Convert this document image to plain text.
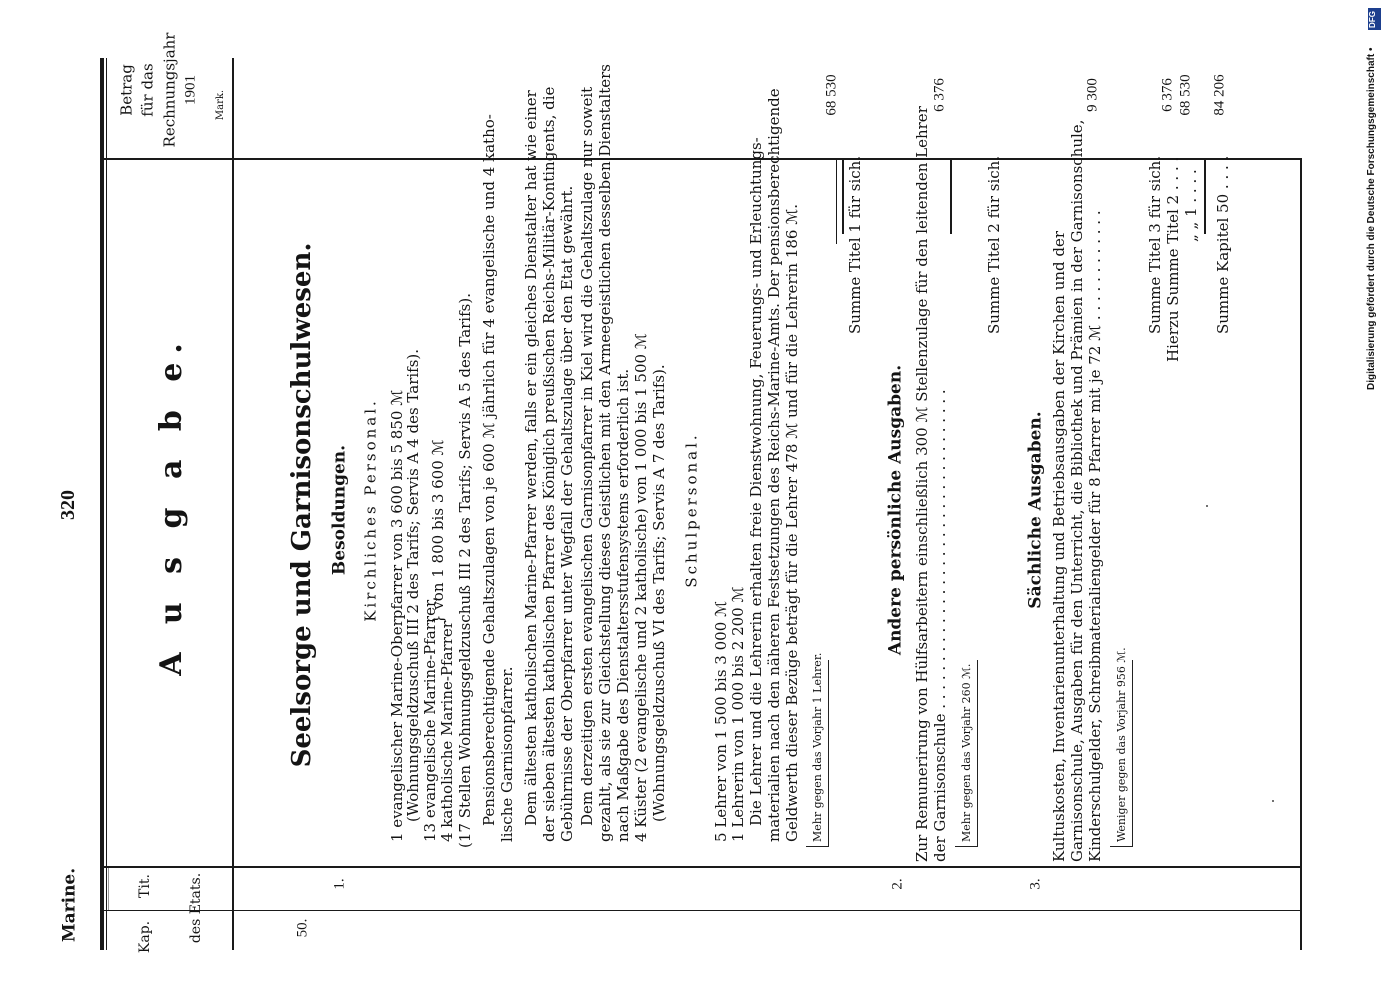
Marine.
320
Kap.
Tit.	des Etats.
Betrag für das Rechnungsjahr 1901 Mark.
A u s g a b e.
50.
Seelsorge und Garnisonschulwesen.
1.
Besoldungen. Kirchliches Personal. 1 evangelischer Marine-Oberpfarrer von 3 600 bis 5 850 ℳ
(Wohnungsgeldzuschuß III 2 des Tarifs; Servis A 4 des Tarifs). 13 evangelische Marine-Pfarrer, 4 katholische Marine-Pfarrer
} von 1 800 bis 3 600 ℳ (17 Stellen Wohnungsgeldzuschuß III 2 des Tarifs; Servis A 5 des Tarifs). Pensionsberechtigende Gehaltszulagen von je 600 ℳ jährlich für 4 evangelische und 4 katho- lische Garnisonpfarrer. Dem ältesten katholischen Marine-Pfarrer werden, falls er ein gleiches Dienstalter hat wie einer der sieben ältesten katholischen Pfarrer des Königlich preußischen Reichs-Militär-Kontingents, die Gebührnisse der Oberpfarrer unter Wegfall der Gehaltszulage über den Etat gewährt. Dem derzeitigen ersten evangelischen Garnisonpfarrer in Kiel wird die Gehaltszulage nur soweit gezahlt, als sie zur Gleichstellung dieses Geistlichen mit den Armeegeistlichen desselben Dienstalters nach Maßgabe des Dienstaltersstufensystems erforderlich ist. 4 Küster (2 evangelische und 2 katholische) von 1 000 bis 1 500 ℳ (Wohnungsgeldzuschuß VI des Tarifs; Servis A 7 des Tarifs). Schulpersonal.
5 Lehrer von 1 500 bis 3 000 ℳ 1 Lehrerin von 1 000 bis 2 200 ℳ Die Lehrer und die Lehrerin erhalten freie Dienstwohnung, Feuerungs- und Erleuchtungs- materialien nach den näheren Festsetzungen des Reichs-Marine-Amts. Der pensionsberechtigende Geldwerth dieser Bezüge beträgt für die Lehrer 478 ℳ und für die Lehrerin 186 ℳ. Mehr gegen das Vorjahr 1 Lehrer.
Summe Titel 1 für sich.
68 530
2.
Andere persönliche Ausgaben. Zur Remunerirung von Hülfsarbeitern einschließlich 300 ℳ Stellenzulage für den leitenden Lehrer der Garnisonschule . . . . . . . . . . . . . . . . . . . . . . . . . . . . . . . . . . Mehr gegen das Vorjahr 260 ℳ.
6 376
Summe Titel 2 für sich.
3.
Sächliche Ausgaben. Kultuskosten, Inventarienunterhaltung und Betriebsausgaben der Kirchen und der Garnisonschule, Ausgaben für den Unterricht, die Bibliothek und Prämien in der Garnisonschule, Kinderschulgelder, Schreibmaterialiengelder für 8 Pfarrer mit je 72 ℳ . . . . . . . . . . . . Weniger gegen das Vorjahr 956 ℳ.
9 300
Summe Titel 3 für sich. Hierzu Summe Titel 2 . . . . „ „ 1 . . . . Summe Kapitel 50 . . . .
6 376 68 530 84 206
DFG
Digitalisierung gefördert durch die Deutsche Forschungsgemeinschaft •
